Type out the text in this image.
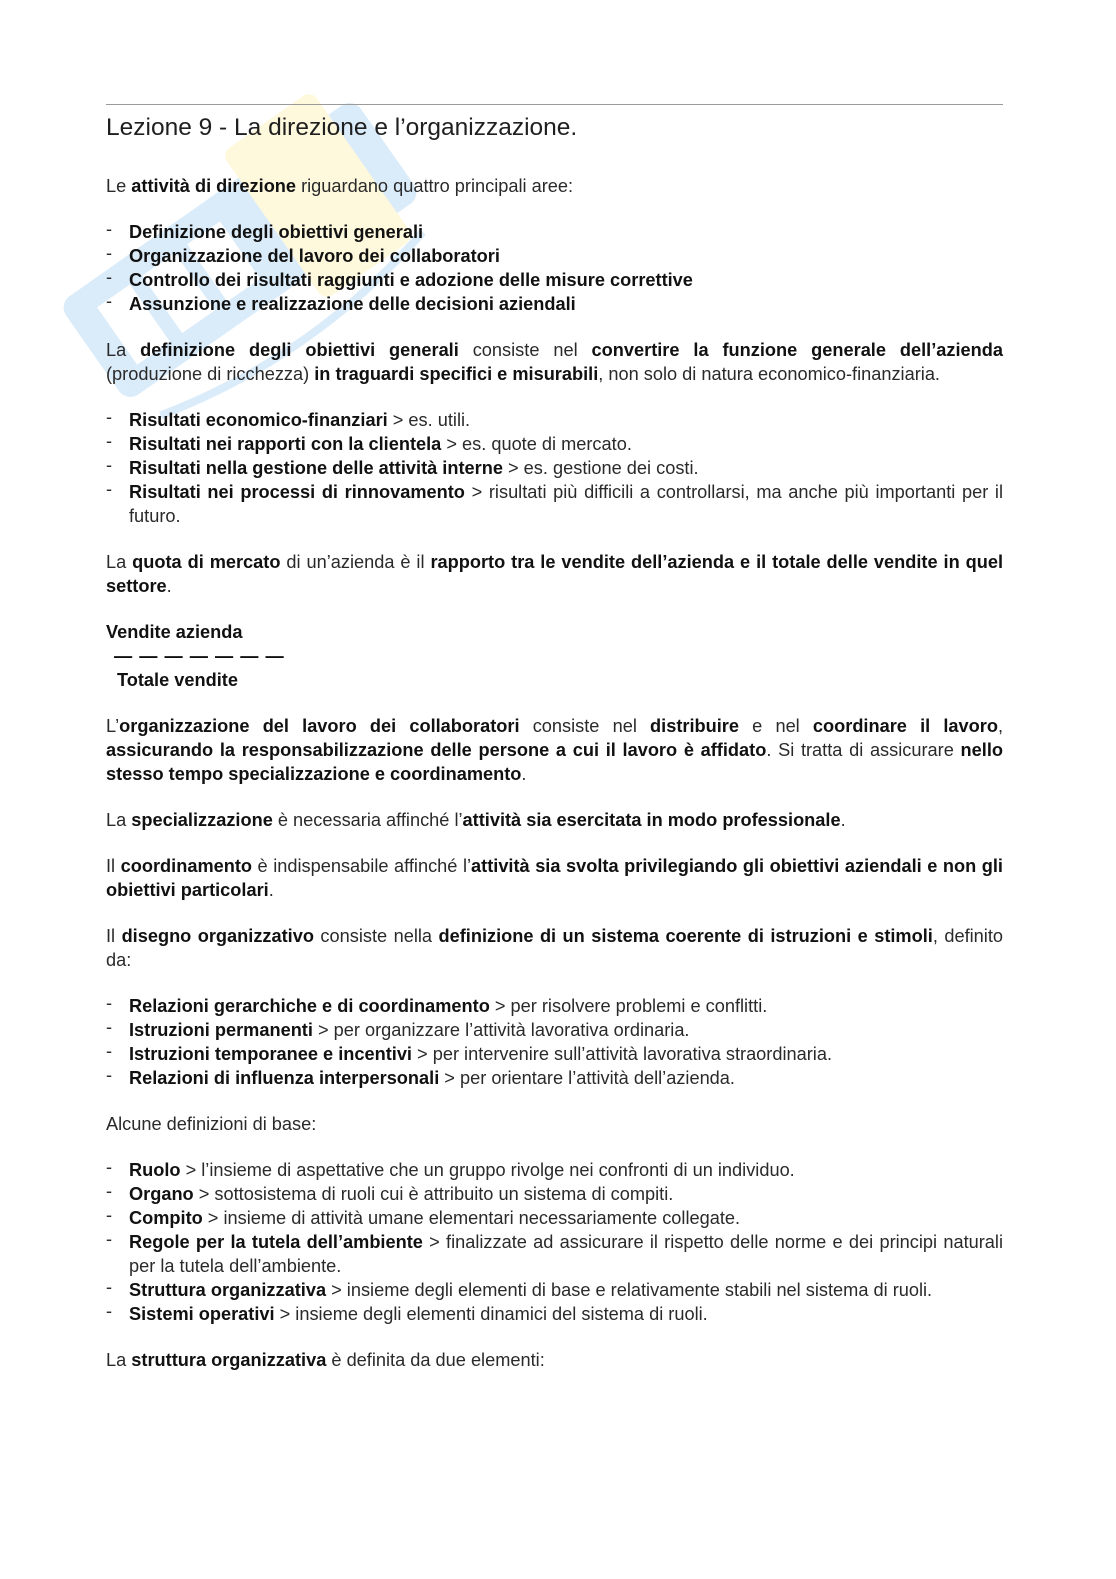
Lezione 9 - La direzione e l’organizzazione.

Le attività di direzione riguardano quattro principali aree:

- Definizione degli obiettivi generali
- Organizzazione del lavoro dei collaboratori
- Controllo dei risultati raggiunti e adozione delle misure correttive
- Assunzione e realizzazione delle decisioni aziendali

La definizione degli obiettivi generali consiste nel convertire la funzione generale dell’azienda (produzione di ricchezza) in traguardi specifici e misurabili, non solo di natura economico-finanziaria.

- Risultati economico-finanziari > es. utili.
- Risultati nei rapporti con la clientela > es. quote di mercato.
- Risultati nella gestione delle attività interne > es. gestione dei costi.
- Risultati nei processi di rinnovamento > risultati più difficili a controllarsi, ma anche più importanti per il futuro.

La quota di mercato di un’azienda è il rapporto tra le vendite dell’azienda e il totale delle vendite in quel settore.

Vendite azienda
— — — — — — —
Totale vendite

L’organizzazione del lavoro dei collaboratori consiste nel distribuire e nel coordinare il lavoro, assicurando la responsabilizzazione delle persone a cui il lavoro è affidato. Si tratta di assicurare nello stesso tempo specializzazione e coordinamento.

La specializzazione è necessaria affinché l’attività sia esercitata in modo professionale.

Il coordinamento è indispensabile affinché l’attività sia svolta privilegiando gli obiettivi aziendali e non gli obiettivi particolari.

Il disegno organizzativo consiste nella definizione di un sistema coerente di istruzioni e stimoli, definito da:

- Relazioni gerarchiche e di coordinamento > per risolvere problemi e conflitti.
- Istruzioni permanenti > per organizzare l’attività lavorativa ordinaria.
- Istruzioni temporanee e incentivi > per intervenire sull’attività lavorativa straordinaria.
- Relazioni di influenza interpersonali > per orientare l’attività dell’azienda.

Alcune definizioni di base:

- Ruolo > l’insieme di aspettative che un gruppo rivolge nei confronti di un individuo.
- Organo > sottosistema di ruoli cui è attribuito un sistema di compiti.
- Compito > insieme di attività umane elementari necessariamente collegate.
- Regole per la tutela dell’ambiente > finalizzate ad assicurare il rispetto delle norme e dei principi naturali per la tutela dell’ambiente.
- Struttura organizzativa > insieme degli elementi di base e relativamente stabili nel sistema di ruoli.
- Sistemi operativi > insieme degli elementi dinamici del sistema di ruoli.

La struttura organizzativa è definita da due elementi:
